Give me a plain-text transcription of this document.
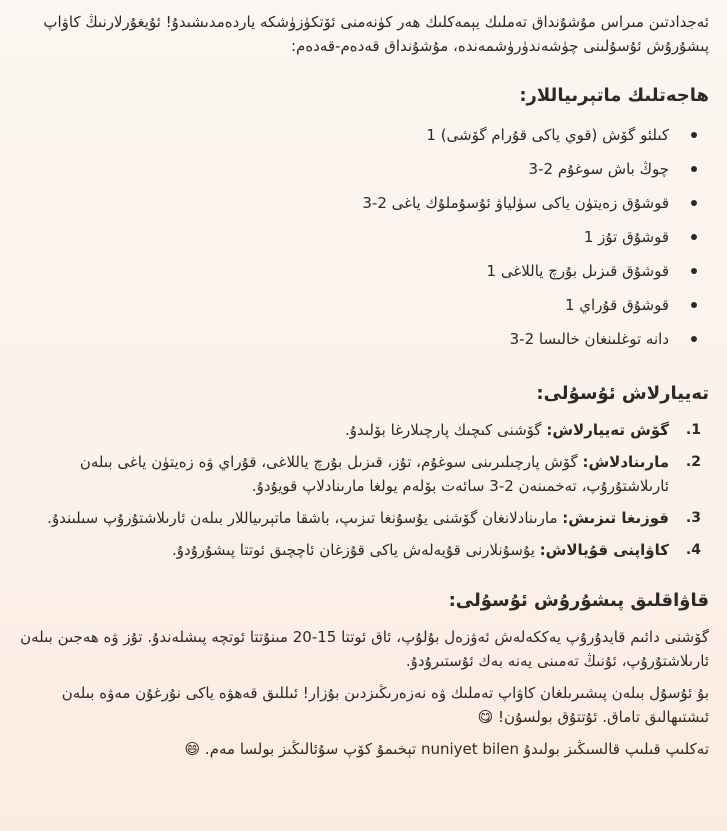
ئەجدادتىن مىراس مۇشۇنداق تەملىك يېمەكلىك ھەر كۈنەمنى ئۆتكۈزۈشكە ياردەمدىشىدۇ! ئۇيغۇرلارنىڭ كاۋاپ پىشۇرۇش ئۇسۇلىنى چۈشەندۈرۈشمەندە، مۇشۇنداق قەدەم-قەدەم:

ھاجەتلىك ماتېرىياللار:
كىلئو گۆش (قوي ياكى قۇرام گۆشى) 1
چوڭ باش سوغۇم 2-3
قوشۇق زەيتۈن ياكى سۈلياۋ ئۇسۇملۇك ياغى 2-3
قوشۇق تۇز 1
قوشۇق قىزىل بۇرچ ياللاغى 1
قوشۇق قۇراي 1
دانە توغلىنغان خالىسا 2-3
تەييارلاش ئۇسۇلى:
1.
گۆش تەييارلاش: گۆشنى كىچىك پارچىلارغا بۆلىدۇ.
2.
مارىنادلاش: گۆش پارچىلىرىنى سوغۇم، تۇز، قىزىل بۇرچ ياللاغى، قۇراي ۋە زەيتۈن ياغى بىلەن ئارىلاشتۇرۇپ، تەخمىنەن 2-3 سائەت بۆلەم يولغا مارىنادلاپ قويۇدۇ.
3.
قوزىغا تىزىش: مارىنادلانغان گۆشنى يۇسۇنغا تىزىپ، باشقا ماتېرىياللار بىلەن ئارىلاشتۇرۇپ سىلىندۇ.
4.
كاۋاپنى قۇيالاش: يۇسۇنلارنى قۇيەلەش ياكى قۇزغان ئاچچىق ئوتتا پىشۇرۇدۇ.
قاۋاقلىق پىشۇرۇش ئۇسۇلى:

گۆشنى دائىم قايدۇرۇپ يەككەلەش ئەۋزەل بۇلۇپ، ئاق ئوتتا 15-20 مىنۇتتا ئوتچە پىشلەندۇ. تۇز ۋە ھەجىن بىلەن ئارىلاشتۇرۇپ، ئۇنىڭ تەمىنى يەنە بەك ئۇستىرۇدۇ.

بۇ ئۇسۇل بىلەن پىشىرىلغان كاۋاپ تەملىك ۋە نەزەرىڭىزدىن بۇزار! ئىللىق قەھۋە ياكى نۇرغۇن مەۋە بىلەن ئىشتىھالىق تاماق. ئۇتتۇق بولسۇن! 😋

تەكلىپ قىلىپ قالسىڭىز بولىدۇ nuniyet bilen تېخىمۇ كۆپ سۇئالىڭىز بولسا مەم. 😄
